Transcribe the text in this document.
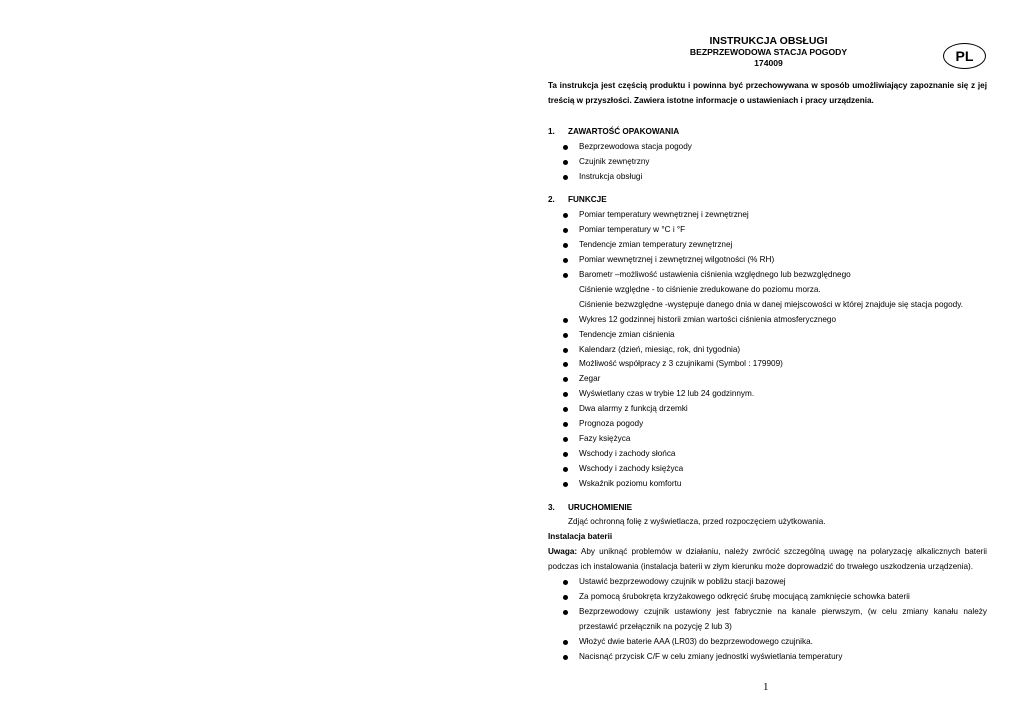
PL
INSTRUKCJA OBSŁUGI
BEZPRZEWODOWA STACJA POGODY
174009
Ta instrukcja jest częścią produktu i powinna być przechowywana w sposób umożliwiający zapoznanie się z jej treścią w przyszłości. Zawiera istotne informacje o ustawieniach i pracy urządzenia.
1.	ZAWARTOŚĆ OPAKOWANIA
Bezprzewodowa stacja pogody
Czujnik zewnętrzny
Instrukcja obsługi
2.	FUNKCJE
Pomiar temperatury wewnętrznej i zewnętrznej
Pomiar temperatury w °C i °F
Tendencje zmian temperatury zewnętrznej
Pomiar wewnętrznej i zewnętrznej wilgotności (% RH)
Barometr –możliwość ustawienia ciśnienia względnego lub bezwzględnego
Ciśnienie względne - to ciśnienie zredukowane do poziomu morza.
Ciśnienie bezwzględne -występuje danego dnia w danej miejscowości w której znajduje się stacja pogody.
Wykres 12 godzinnej historii zmian wartości ciśnienia atmosferycznego
Tendencje zmian ciśnienia
Kalendarz (dzień, miesiąc, rok, dni tygodnia)
Możliwość współpracy z 3 czujnikami (Symbol : 179909)
Zegar
Wyświetlany czas w trybie 12 lub 24 godzinnym.
Dwa alarmy z funkcją drzemki
Prognoza pogody
Fazy księżyca
Wschody i zachody słońca
Wschody i zachody księżyca
Wskaźnik poziomu komfortu
3.	URUCHOMIENIE
Zdjąć ochronną folię z wyświetlacza, przed rozpoczęciem użytkowania.
Instalacja baterii
Uwaga: Aby uniknąć problemów w działaniu, należy zwrócić szczególną uwagę na polaryzację alkalicznych baterii podczas ich instalowania (instalacja baterii w złym kierunku może doprowadzić do trwałego uszkodzenia urządzenia).
Ustawić bezprzewodowy czujnik w pobliżu stacji bazowej
Za pomocą śrubokręta krzyżakowego odkręcić śrubę mocującą zamknięcie schowka baterii
Bezprzewodowy czujnik ustawiony jest fabrycznie na kanale pierwszym, (w celu zmiany kanału należy przestawić przełącznik na pozycję 2 lub 3)
Włożyć dwie baterie AAA (LR03) do bezprzewodowego czujnika.
Nacisnąć przycisk C/F w celu zmiany jednostki wyświetlania temperatury
1
